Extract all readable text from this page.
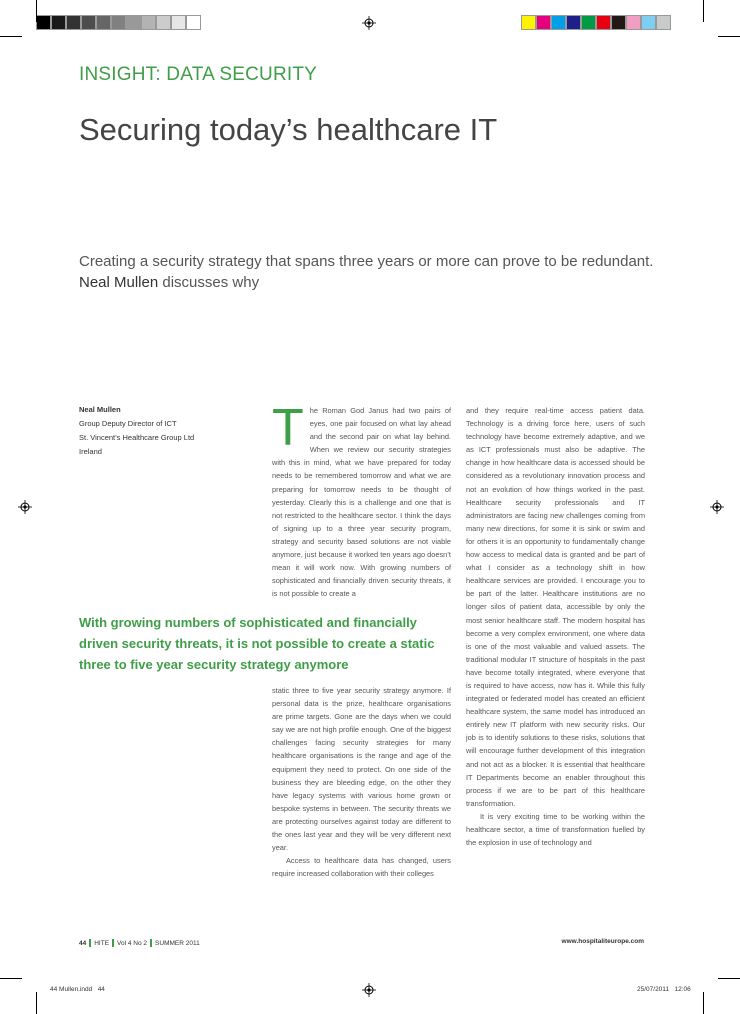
INSIGHT: DATA SECURITY
Securing today’s healthcare IT
Creating a security strategy that spans three years or more can prove to be redundant.
Neal Mullen discusses why
Neal Mullen
Group Deputy Director of ICT
St. Vincent’s Healthcare Group Ltd
Ireland	The Roman God Janus had two pairs of eyes, one pair focused on what lay ahead and the second pair on what lay behind. When we review our security strategies with this in mind, what we have prepared for today needs to be remembered tomorrow and what we are preparing for tomorrow needs to be thought of yesterday. Clearly this is a challenge and one that is not restricted to the healthcare sector. I think the days of signing up to a three year security program, strategy and security based solutions are not viable anymore, just because it worked ten years ago doesn’t mean it will work now. With growing numbers of sophisticated and financially driven security threats, it is not possible to create a

With growing numbers of sophisticated and financially driven security threats, it is not possible to create a static three to five year security strategy anymore

static three to five year security strategy anymore. If personal data is the prize, healthcare organisations are prime targets. Gone are the days when we could say we are not high profile enough. One of the biggest challenges facing security strategies for many healthcare organisations is the range and age of the equipment they need to protect. On one side of the business they are bleeding edge, on the other they have legacy systems with various home grown or bespoke systems in between. The security threats we are protecting ourselves against today are different to the ones last year and they will be very different next year.

Access to healthcare data has changed, users require increased collaboration with their colleges

and they require real-time access patient data. Technology is a driving force here, users of such technology have become extremely adaptive, and we as ICT professionals must also be adaptive. The change in how healthcare data is accessed should be considered as a revolutionary innovation process and not an evolution of how things worked in the past. Healthcare security professionals and IT administrators are facing new challenges coming from many new directions, for some it is sink or swim and for others it is an opportunity to fundamentally change how access to medical data is granted and be part of what I consider as a technology shift in how healthcare services are provided. I encourage you to be part of the latter. Healthcare institutions are no longer silos of patient data, accessible by only the most senior healthcare staff. The modern hospital has become a very complex environment, one where data is one of the most valuable and valued assets. The traditional modular IT structure of hospitals in the past have become totally integrated, where everyone that is required to have access, now has it. While this fully integrated or federated model has created an efficient healthcare system, the same model has introduced an entirely new IT platform with new security risks. Our job is to identify solutions to these risks, solutions that will encourage further development of this integration and not act as a blocker. It is essential that healthcare IT Departments become an enabler throughout this process if we are to be part of this healthcare transformation.

It is very exciting time to be working within the healthcare sector, a time of transformation fuelled by the explosion in use of technology and

44 HITE Vol 4 No 2 SUMMER 2011	www.hospitaliteurope.com
44 Mullen.indd   44	25/07/2011   12:06
